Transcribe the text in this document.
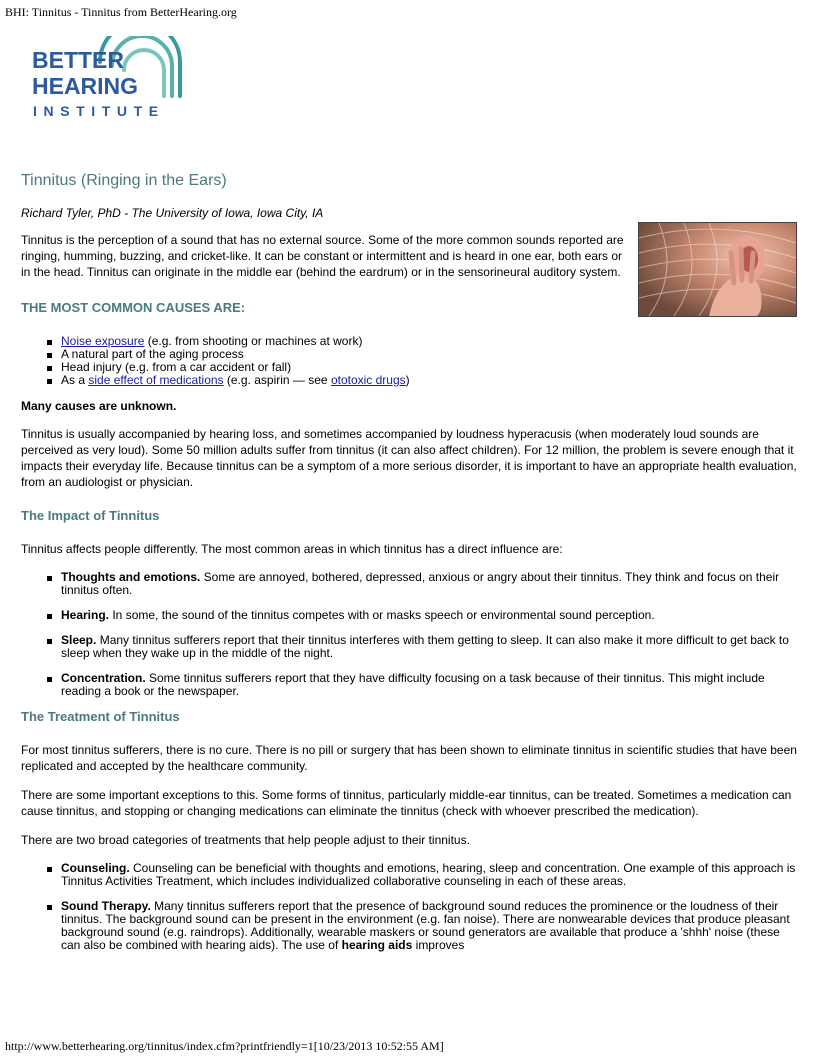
BHI: Tinnitus - Tinnitus from BetterHearing.org
BETTER
HEARING
INSTITUTE
Tinnitus (Ringing in the Ears)

Richard Tyler, PhD - The University of Iowa, Iowa City, IA

Tinnitus is the perception of a sound that has no external source. Some of the more common sounds reported are ringing, humming, buzzing, and cricket-like. It can be constant or intermittent and is heard in one ear, both ears or in the head. Tinnitus can originate in the middle ear (behind the eardrum) or in the sensorineural auditory system.

THE MOST COMMON CAUSES ARE:
Noise exposure (e.g. from shooting or machines at work)
A natural part of the aging process
Head injury (e.g. from a car accident or fall)
As a side effect of medications (e.g. aspirin — see ototoxic drugs)

Many causes are unknown.

Tinnitus is usually accompanied by hearing loss, and sometimes accompanied by loudness hyperacusis (when moderately loud sounds are perceived as very loud). Some 50 million adults suffer from tinnitus (it can also affect children). For 12 million, the problem is severe enough that it impacts their everyday life. Because tinnitus can be a symptom of a more serious disorder, it is important to have an appropriate health evaluation, from an audiologist or physician.

The Impact of Tinnitus

Tinnitus affects people differently. The most common areas in which tinnitus has a direct influence are:

Thoughts and emotions. Some are annoyed, bothered, depressed, anxious or angry about their tinnitus. They think and focus on their tinnitus often.
Hearing. In some, the sound of the tinnitus competes with or masks speech or environmental sound perception.
Sleep. Many tinnitus sufferers report that their tinnitus interferes with them getting to sleep. It can also make it more difficult to get back to sleep when they wake up in the middle of the night.
Concentration. Some tinnitus sufferers report that they have difficulty focusing on a task because of their tinnitus. This might include reading a book or the newspaper.
The Treatment of Tinnitus

For most tinnitus sufferers, there is no cure. There is no pill or surgery that has been shown to eliminate tinnitus in scientific studies that have been replicated and accepted by the healthcare community.

There are some important exceptions to this. Some forms of tinnitus, particularly middle-ear tinnitus, can be treated. Sometimes a medication can cause tinnitus, and stopping or changing medications can eliminate the tinnitus (check with whoever prescribed the medication).

There are two broad categories of treatments that help people adjust to their tinnitus.

Counseling. Counseling can be beneficial with thoughts and emotions, hearing, sleep and concentration. One example of this approach is Tinnitus Activities Treatment, which includes individualized collaborative counseling in each of these areas.
Sound Therapy. Many tinnitus sufferers report that the presence of background sound reduces the prominence or the loudness of their tinnitus. The background sound can be present in the environment (e.g. fan noise). There are nonwearable devices that produce pleasant background sound (e.g. raindrops). Additionally, wearable maskers or sound generators are available that produce a 'shhh' noise (these can also be combined with hearing aids). The use of hearing aids improves
http://www.betterhearing.org/tinnitus/index.cfm?printfriendly=1[10/23/2013 10:52:55 AM]
